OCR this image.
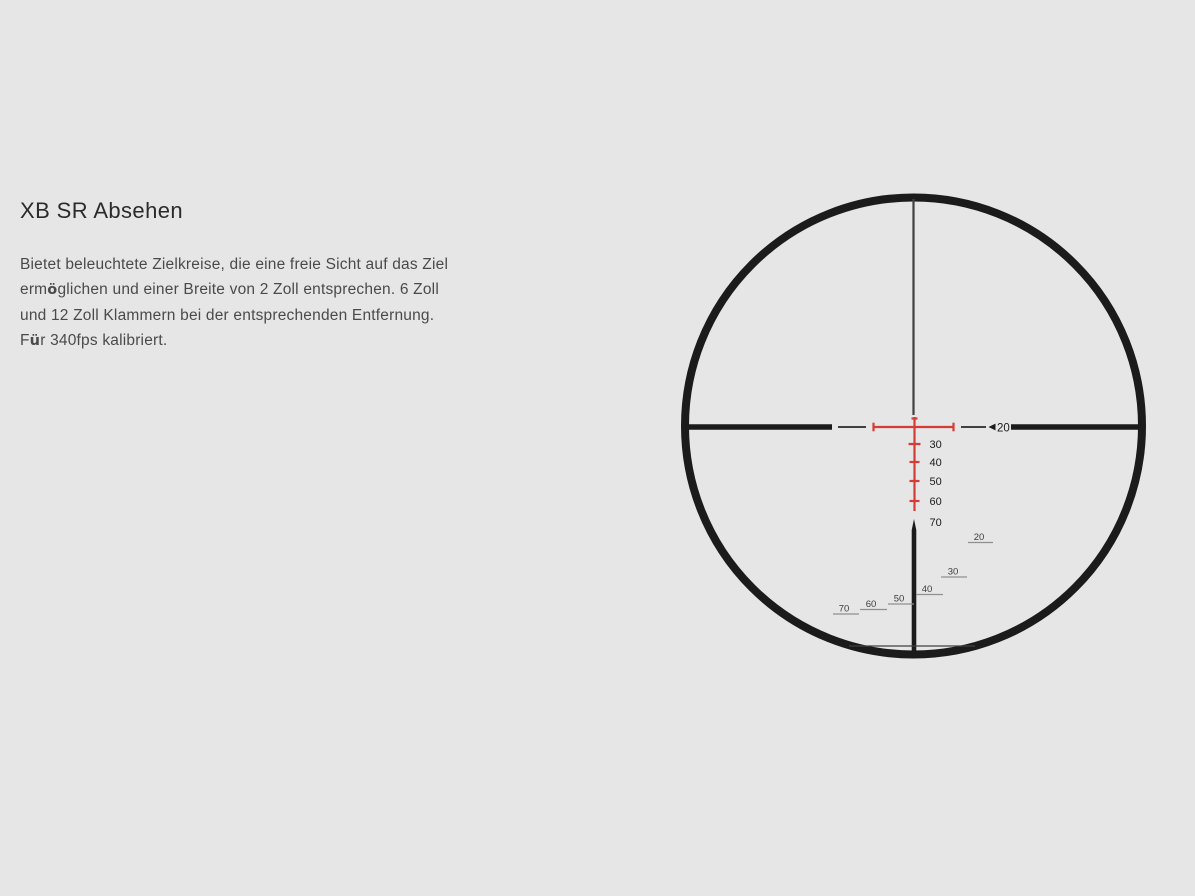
XB SR Absehen
Bietet beleuchtete Zielkreise, die eine freie Sicht auf das Ziel
ermöglichen und einer Breite von 2 Zoll entsprechen. 6 Zoll
und 12 Zoll Klammern bei der entsprechenden Entfernung.
Für 340fps kalibriert.
20
30
40
50
60
70
20
30
40
50
60
70
